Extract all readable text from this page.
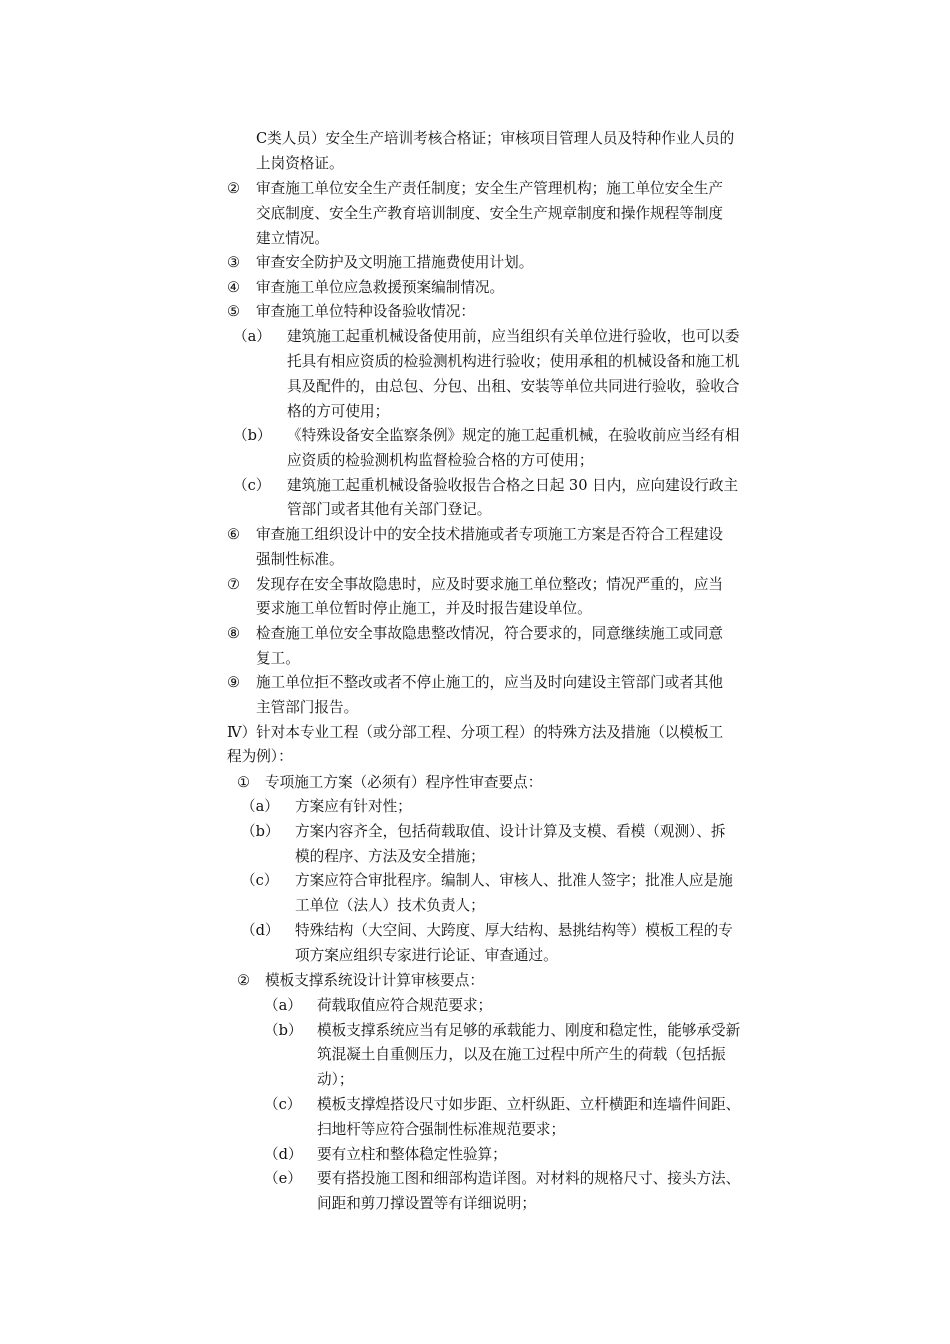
C类人员）安全生产培训考核合格证；审核项目管理人员及特种作业人员的
上岗资格证。
② 审查施工单位安全生产责任制度；安全生产管理机构；施工单位安全生产
交底制度、安全生产教育培训制度、安全生产规章制度和操作规程等制度
建立情况。
③ 审查安全防护及文明施工措施费使用计划。
④ 审查施工单位应急救援预案编制情况。
⑤ 审查施工单位特种设备验收情况：
（a） 建筑施工起重机械设备使用前，应当组织有关单位进行验收，也可以委
托具有相应资质的检验测机构进行验收；使用承租的机械设备和施工机
具及配件的，由总包、分包、出租、安装等单位共同进行验收，验收合
格的方可使用；
（b） 《特殊设备安全监察条例》规定的施工起重机械，在验收前应当经有相
应资质的检验测机构监督检验合格的方可使用；
（c） 建筑施工起重机械设备验收报告合格之日起 30 日内，应向建设行政主
管部门或者其他有关部门登记。
⑥ 审查施工组织设计中的安全技术措施或者专项施工方案是否符合工程建设
强制性标准。
⑦ 发现存在安全事故隐患时，应及时要求施工单位整改；情况严重的，应当
要求施工单位暂时停止施工，并及时报告建设单位。
⑧ 检查施工单位安全事故隐患整改情况，符合要求的，同意继续施工或同意
复工。
⑨ 施工单位拒不整改或者不停止施工的，应当及时向建设主管部门或者其他
主管部门报告。
Ⅳ）针对本专业工程（或分部工程、分项工程）的特殊方法及措施（以模板工
程为例）：
① 专项施工方案（必须有）程序性审查要点：
（a） 方案应有针对性；
（b） 方案内容齐全，包括荷载取值、设计计算及支模、看模（观测）、拆
模的程序、方法及安全措施；
（c） 方案应符合审批程序。编制人、审核人、批准人签字；批准人应是施
工单位（法人）技术负责人；
（d） 特殊结构（大空间、大跨度、厚大结构、悬挑结构等）模板工程的专
项方案应组织专家进行论证、审查通过。
② 模板支撑系统设计计算审核要点：
（a） 荷载取值应符合规范要求；
（b） 模板支撑系统应当有足够的承载能力、刚度和稳定性，能够承受新
筑混凝土自重侧压力，以及在施工过程中所产生的荷载（包括振
动）；
（c） 模板支撑煌搭设尺寸如步距、立杆纵距、立杆横距和连墙件间距、
扫地杆等应符合强制性标准规范要求；
（d） 要有立柱和整体稳定性验算；
（e） 要有搭投施工图和细部构造详图。对材料的规格尺寸、接头方法、
间距和剪刀撑设置等有详细说明；
